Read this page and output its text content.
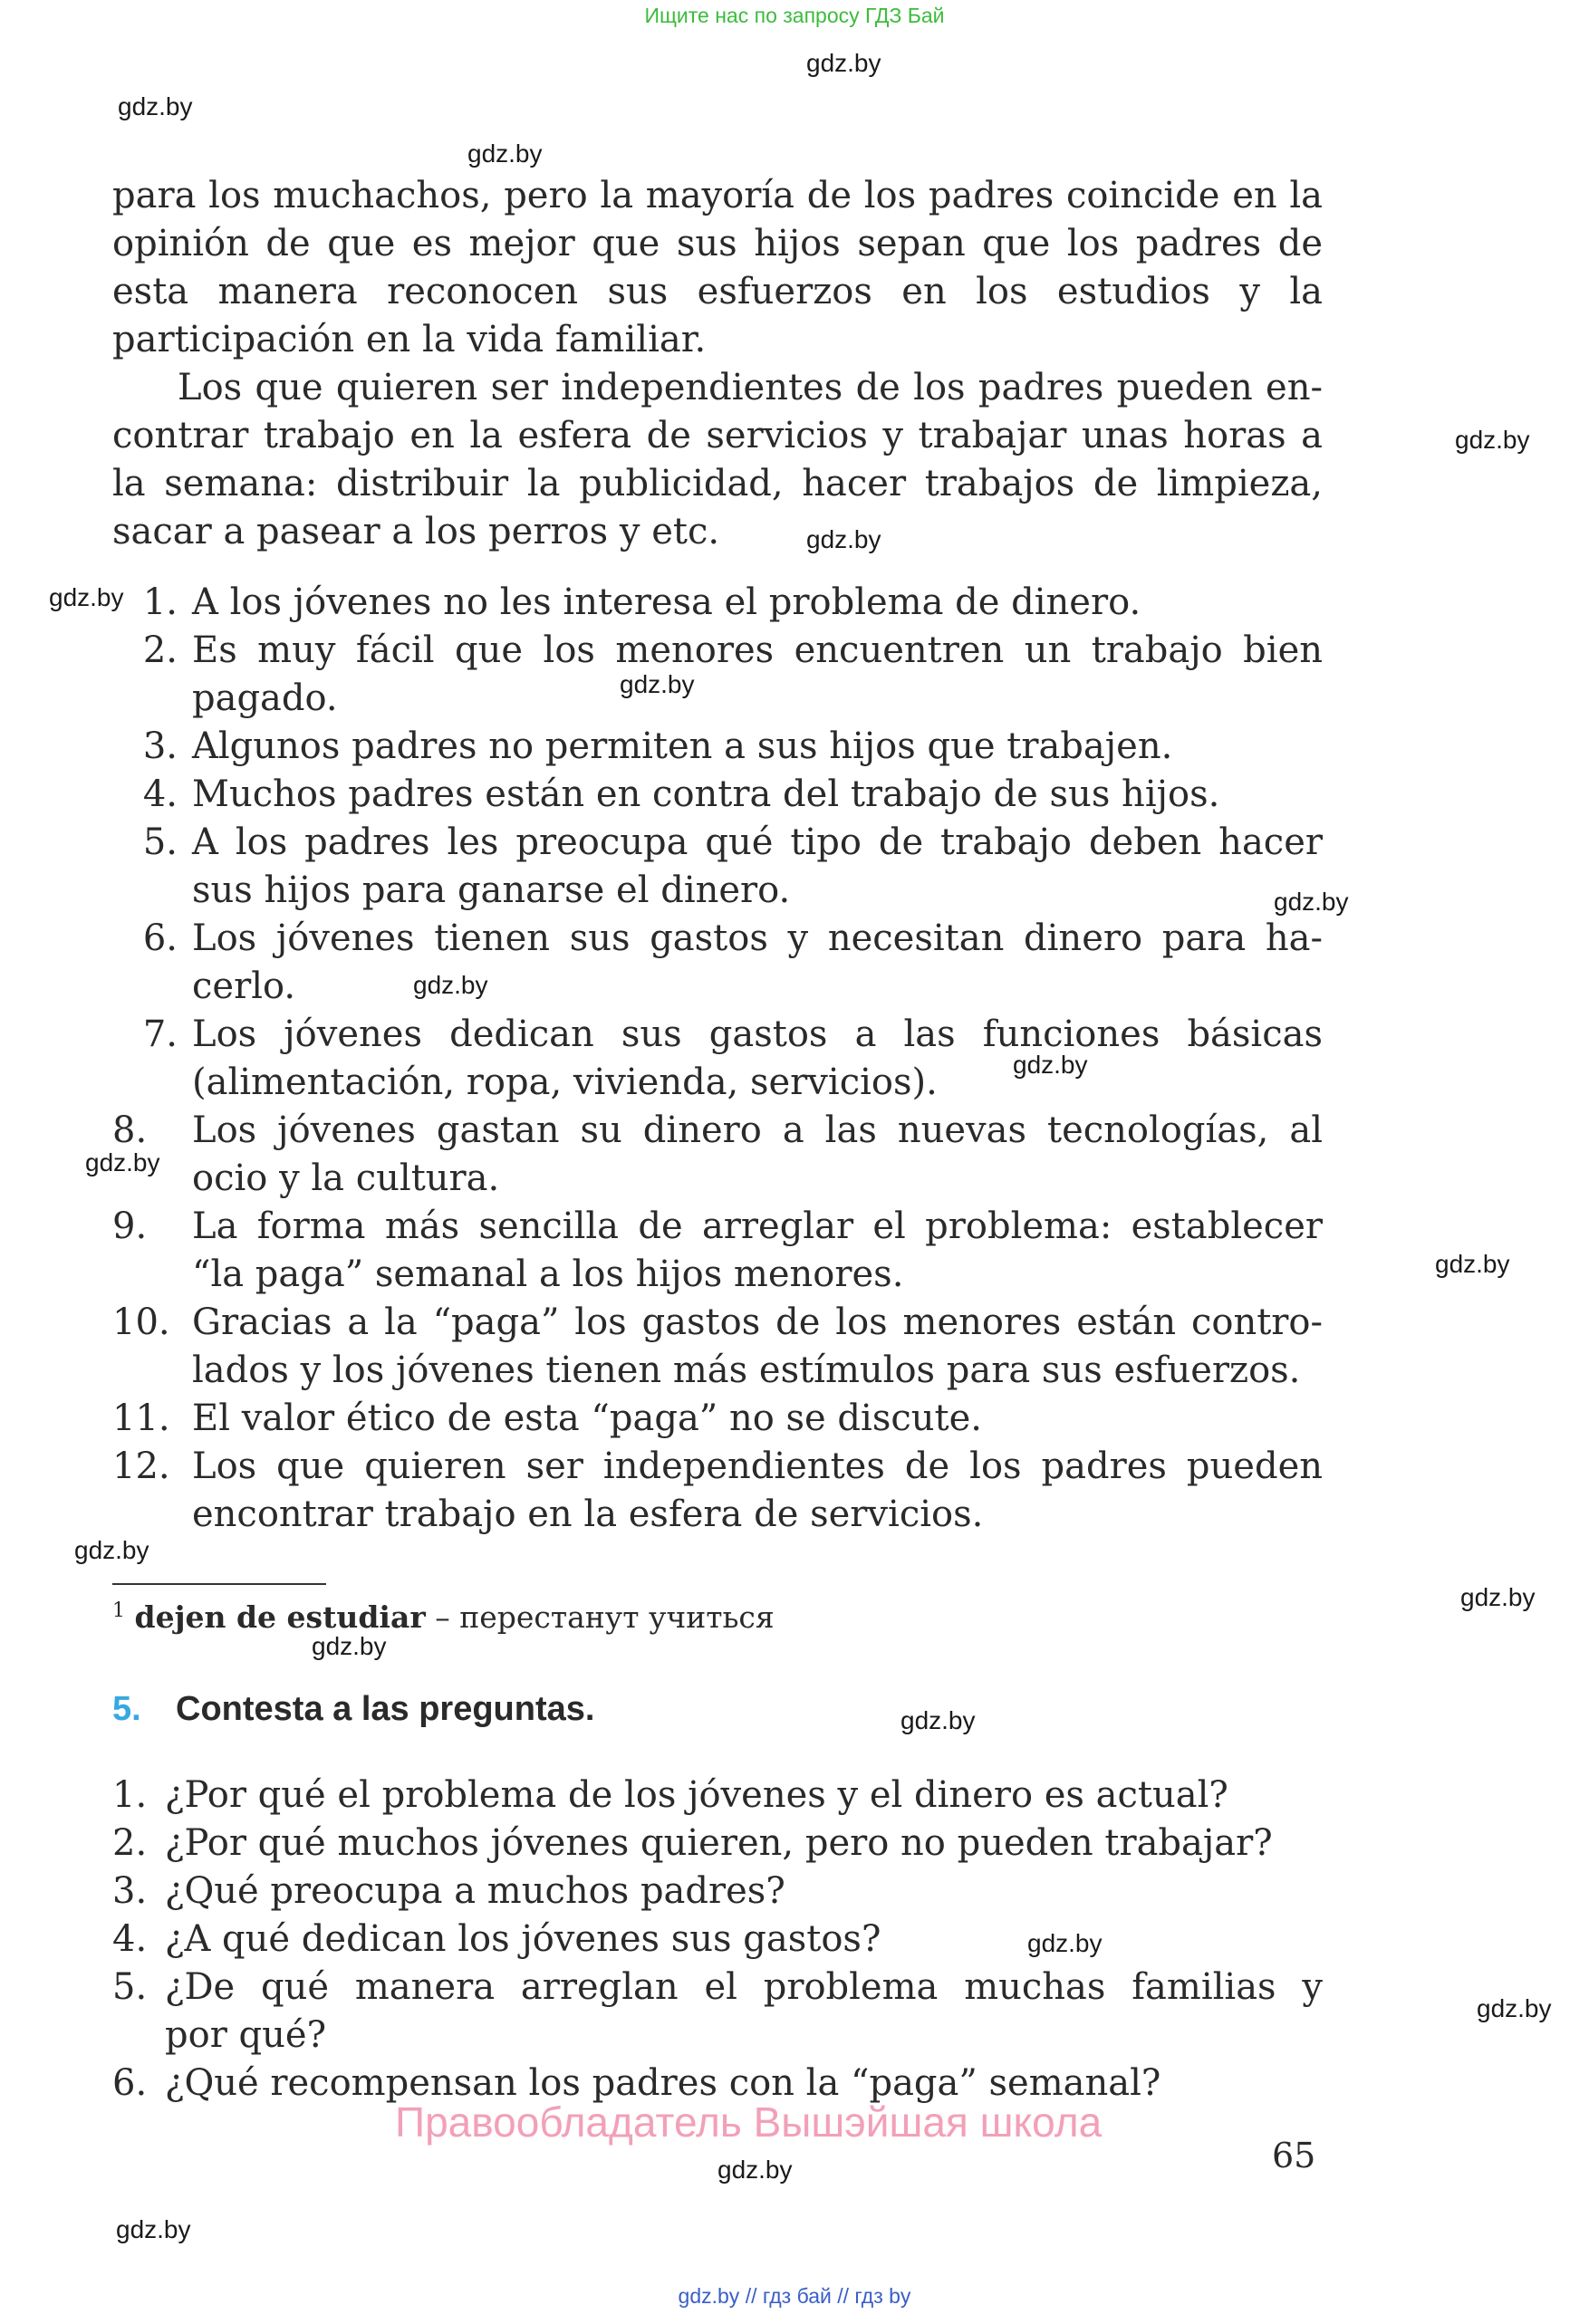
Ищите нас по запросу ГДЗ Бай
gdz.by
gdz.by
gdz.by
gdz.by
gdz.by
gdz.by
gdz.by
gdz.by
gdz.by
gdz.by
gdz.by
gdz.by
gdz.by
gdz.by
gdz.by
gdz.by
gdz.by
gdz.by
gdz.by
gdz.by
para los muchachos, pero la mayoría de los padres coincide en la
opinión de que es mejor que sus hijos sepan que los padres de
esta manera reconocen sus esfuerzos en los estudios y la
participación en la vida familiar.
Los que quieren ser independientes de los padres pueden en-
contrar trabajo en la esfera de servicios y trabajar unas horas a
la semana: distribuir la publicidad, hacer trabajos de limpieza,
sacar a pasear a los perros y etc.
1. A los jóvenes no les interesa el problema de dinero.
2. Es muy fácil que los menores encuentren un trabajo bien
pagado.
3. Algunos padres no permiten a sus hijos que trabajen.
4. Muchos padres están en contra del trabajo de sus hijos.
5. A los padres les preocupa qué tipo de trabajo deben hacer
sus hijos para ganarse el dinero.
6. Los jóvenes tienen sus gastos y necesitan dinero para ha-
cerlo.
7. Los jóvenes dedican sus gastos a las funciones básicas
(alimentación, ropa, vivienda, servicios).
8. Los jóvenes gastan su dinero a las nuevas tecnologías, al
ocio y la cultura.
9. La forma más sencilla de arreglar el problema: establecer
“la paga” semanal a los hijos menores.
10. Gracias a la “paga” los gastos de los menores están contro-
lados y los jóvenes tienen más estímulos para sus esfuerzos.
11. El valor ético de esta “paga” no se discute.
12. Los que quieren ser independientes de los padres pueden
encontrar trabajo en la esfera de servicios.
$^1$ dejen de estudiar – перестанут учиться
5. Contesta a las preguntas.
1. ¿Por qué el problema de los jóvenes y el dinero es actual?
2. ¿Por qué muchos jóvenes quieren, pero no pueden trabajar?
3. ¿Qué preocupa a muchos padres?
4. ¿A qué dedican los jóvenes sus gastos?
5. ¿De qué manera arreglan el problema muchas familias y
por qué?
6. ¿Qué recompensan los padres con la “paga” semanal?
Правообладатель Вышэйшая школа
65
gdz.by // гдз бай // гдз by
